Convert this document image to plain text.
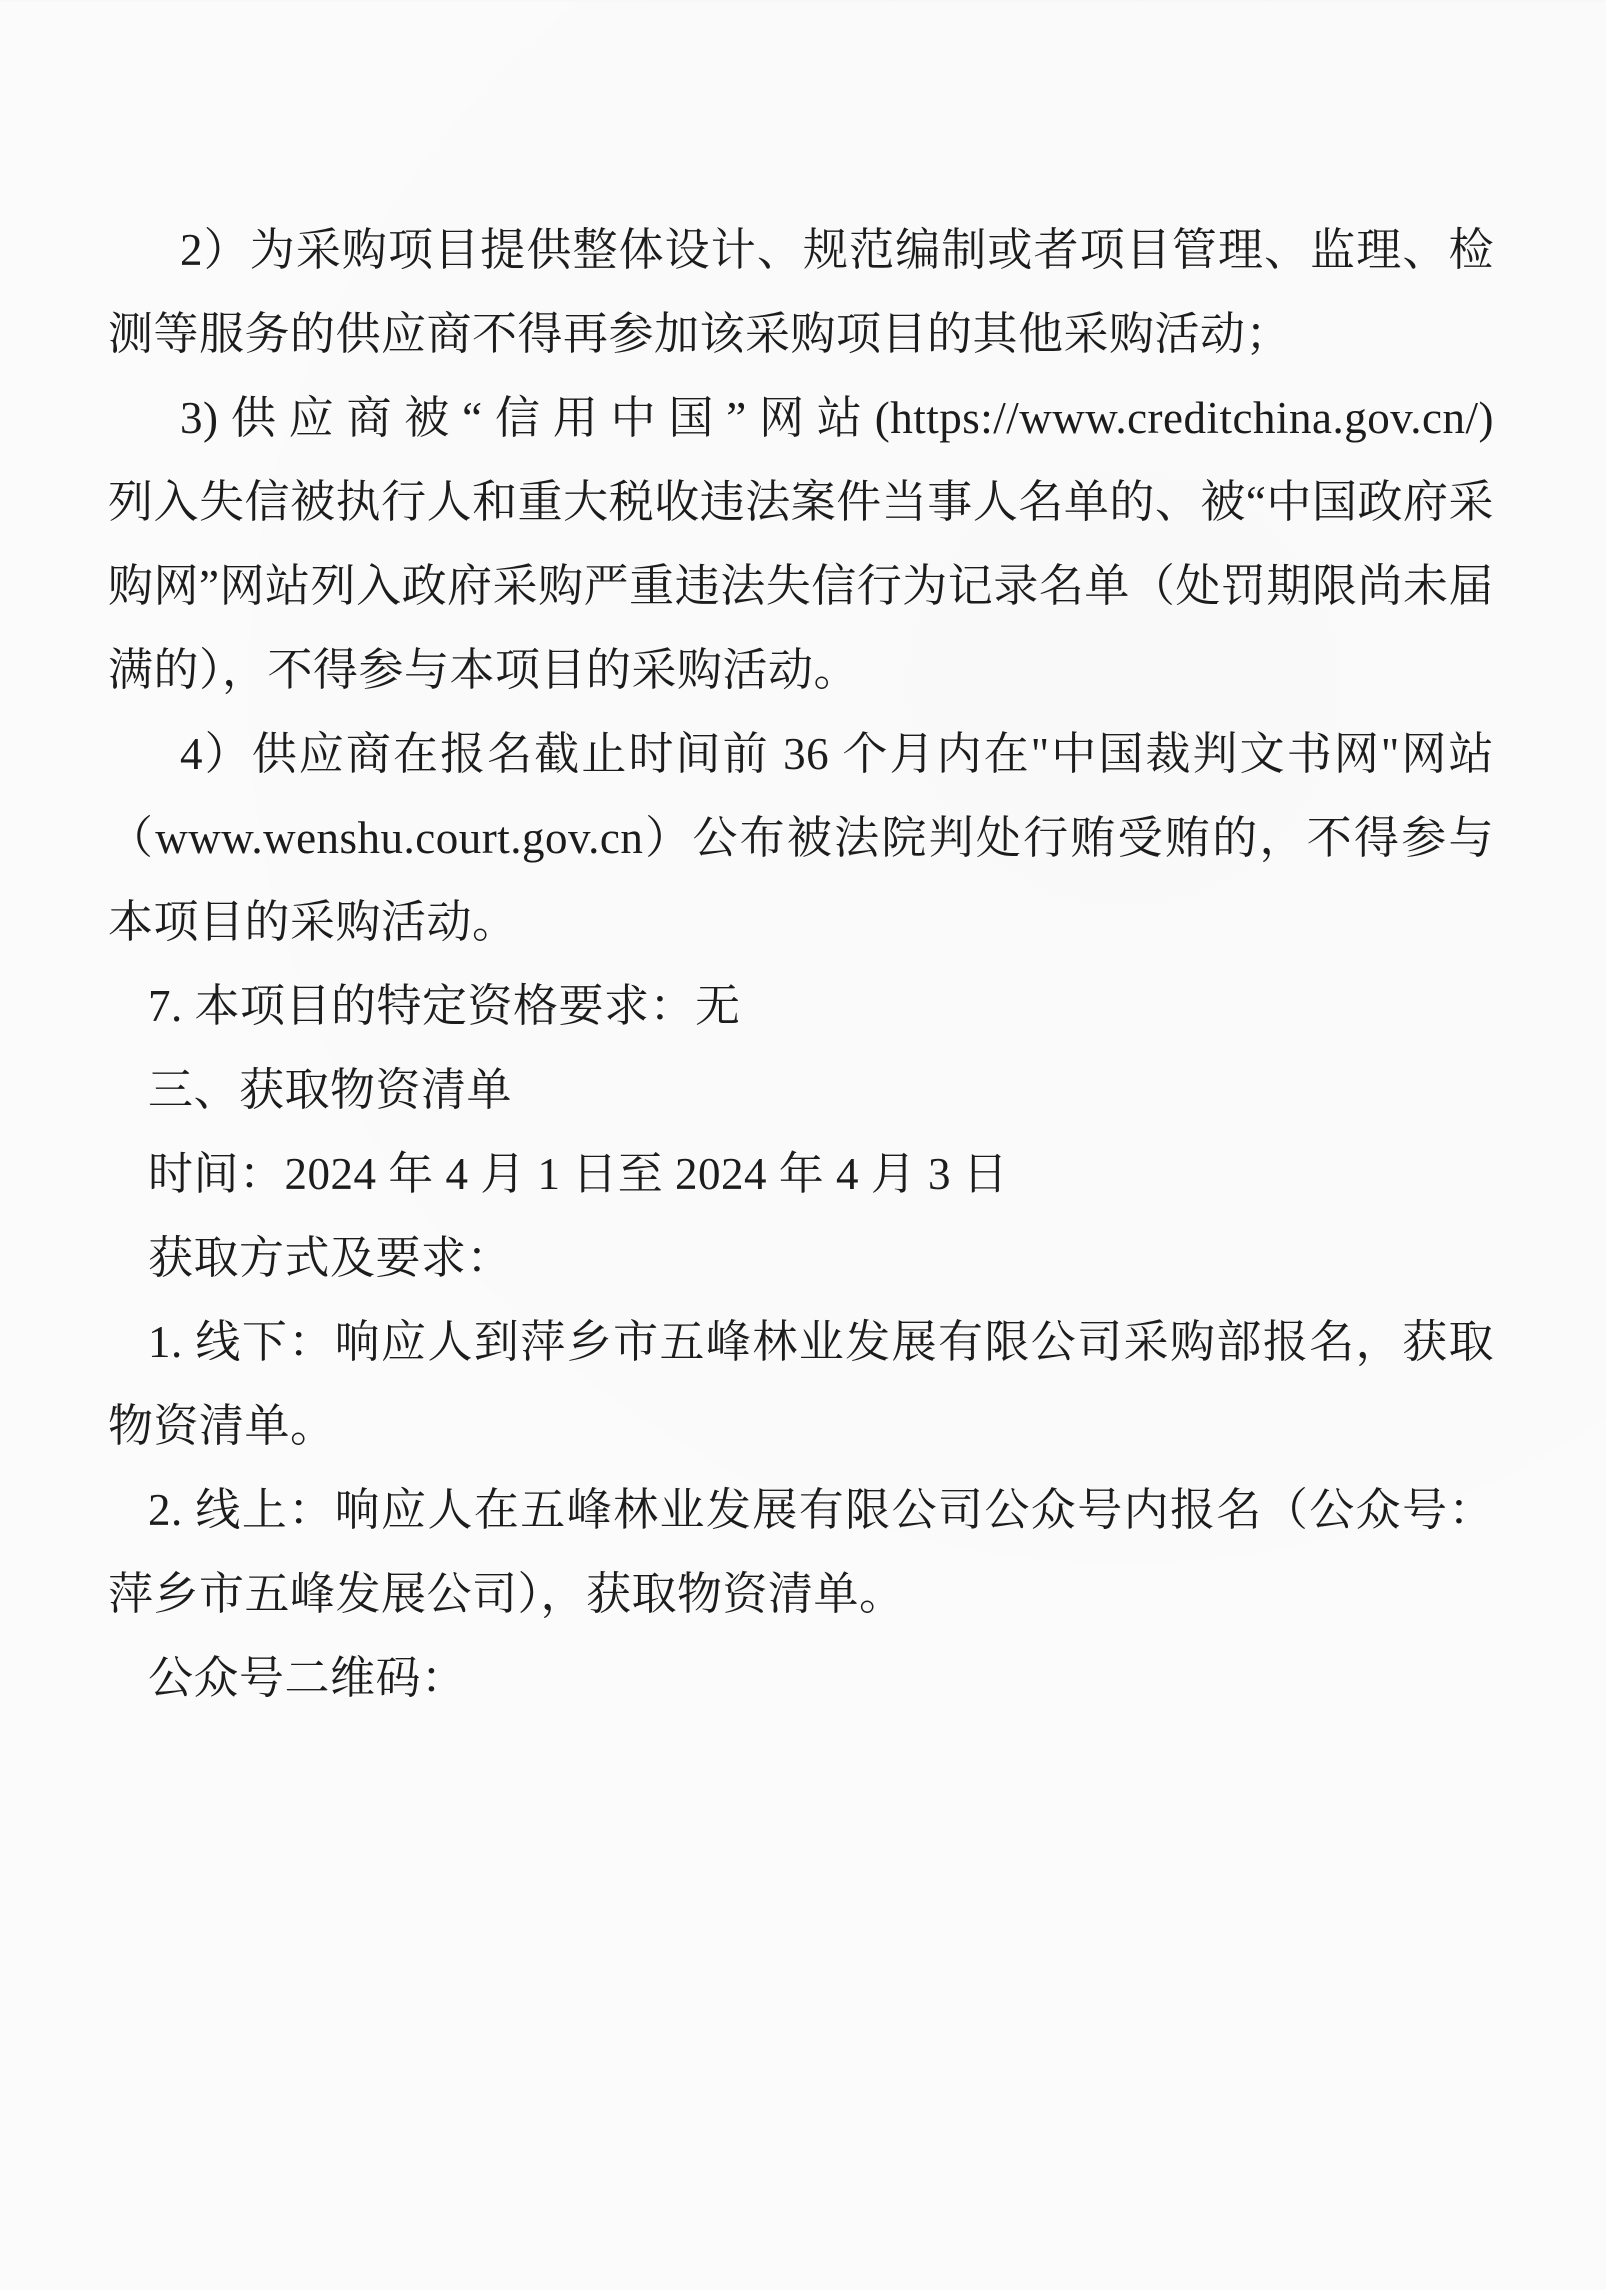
2）为采购项目提供整体设计、规范编制或者项目管理、监理、检
测等服务的供应商不得再参加该采购项目的其他采购活动；

3)供应商被“信用中国”网站(https://www.creditchina.gov.cn/)
列入失信被执行人和重大税收违法案件当事人名单的、被“中国政府采
购网”网站列入政府采购严重违法失信行为记录名单（处罚期限尚未届
满的），不得参与本项目的采购活动。

4）供应商在报名截止时间前 36 个月内在"中国裁判文书网"网站
（www.wenshu.court.gov.cn）公布被法院判处行贿受贿的，不得参与
本项目的采购活动。

7. 本项目的特定资格要求：无

三、获取物资清单

时间：2024 年 4 月 1 日至 2024 年 4 月 3 日

获取方式及要求：

1. 线下：响应人到萍乡市五峰林业发展有限公司采购部报名，获取
物资清单。

2. 线上：响应人在五峰林业发展有限公司公众号内报名（公众号：
萍乡市五峰发展公司），获取物资清单。

公众号二维码：
